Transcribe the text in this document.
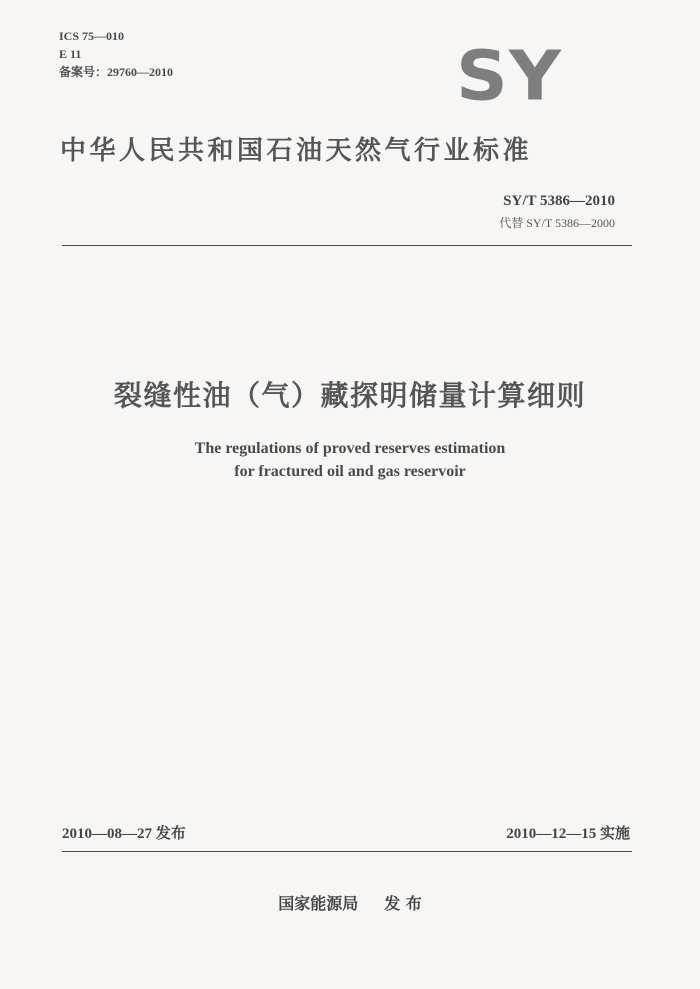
ICS 75—010
E 11
备案号：29760—2010	SY
中华人民共和国石油天然气行业标准
SY/T 5386—2010
代替 SY/T 5386—2000
裂缝性油（气）藏探明储量计算细则
The regulations of proved reserves estimation
for fractured oil and gas reservoir
2010—08—27 发布	2010—12—15 实施
国家能源局 发 布
